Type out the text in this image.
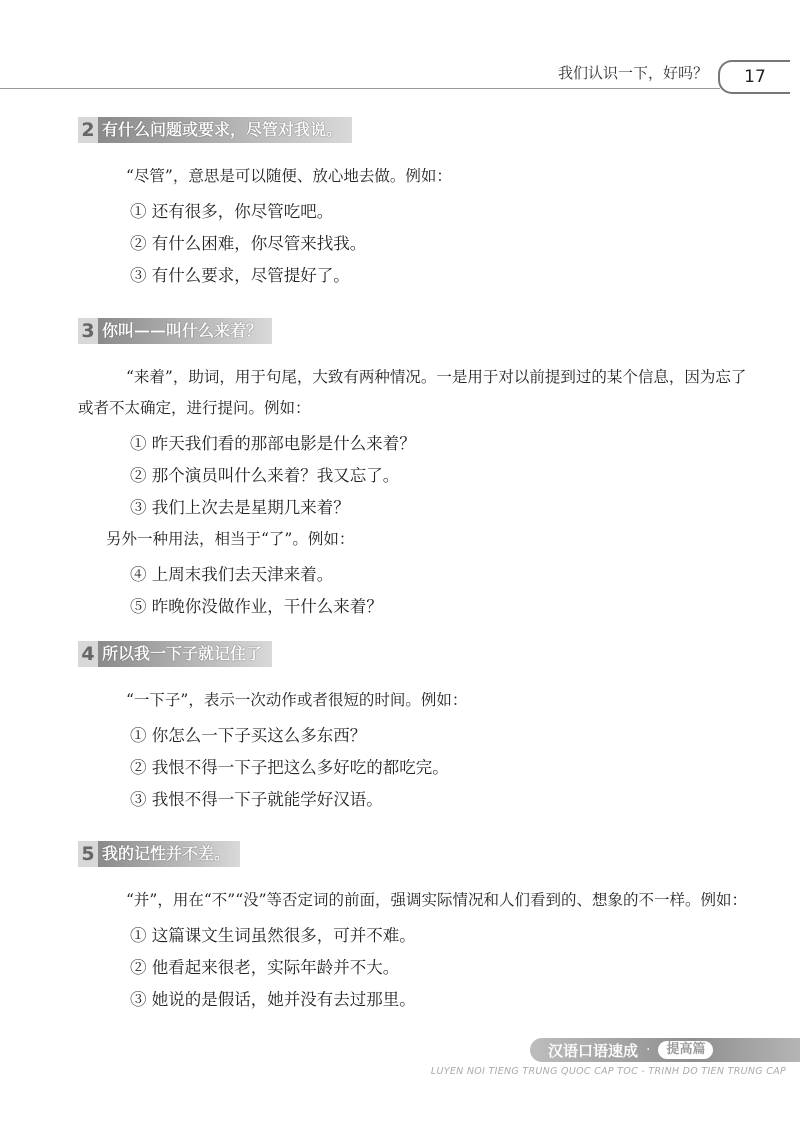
我们认识一下，好吗？	17
2 有什么问题或要求，尽管对我说。

“尽管”，意思是可以随便、放心地去做。例如：

① 还有很多，你尽管吃吧。
② 有什么困难，你尽管来找我。
③ 有什么要求，尽管提好了。
3 你叫——叫什么来着？

“来着”，助词，用于句尾，大致有两种情况。一是用于对以前提到过的某个信息，因为忘了或者不太确定，进行提问。例如：

① 昨天我们看的那部电影是什么来着？
② 那个演员叫什么来着？我又忘了。
③ 我们上次去是星期几来着？

另外一种用法，相当于“了”。例如：

④ 上周末我们去天津来着。
⑤ 昨晚你没做作业，干什么来着？
4 所以我一下子就记住了

“一下子”，表示一次动作或者很短的时间。例如：

① 你怎么一下子买这么多东西？
② 我恨不得一下子把这么多好吃的都吃完。
③ 我恨不得一下子就能学好汉语。
5 我的记性并不差。

“并”，用在“不”“没”等否定词的前面，强调实际情况和人们看到的、想象的不一样。例如：

① 这篇课文生词虽然很多，可并不难。
② 他看起来很老，实际年龄并不大。
③ 她说的是假话，她并没有去过那里。
汉语口语速成 ·	提高篇
LUYEN NOI TIENG TRUNG QUOC CAP TOC - TRINH DO TIEN TRUNG CAP
